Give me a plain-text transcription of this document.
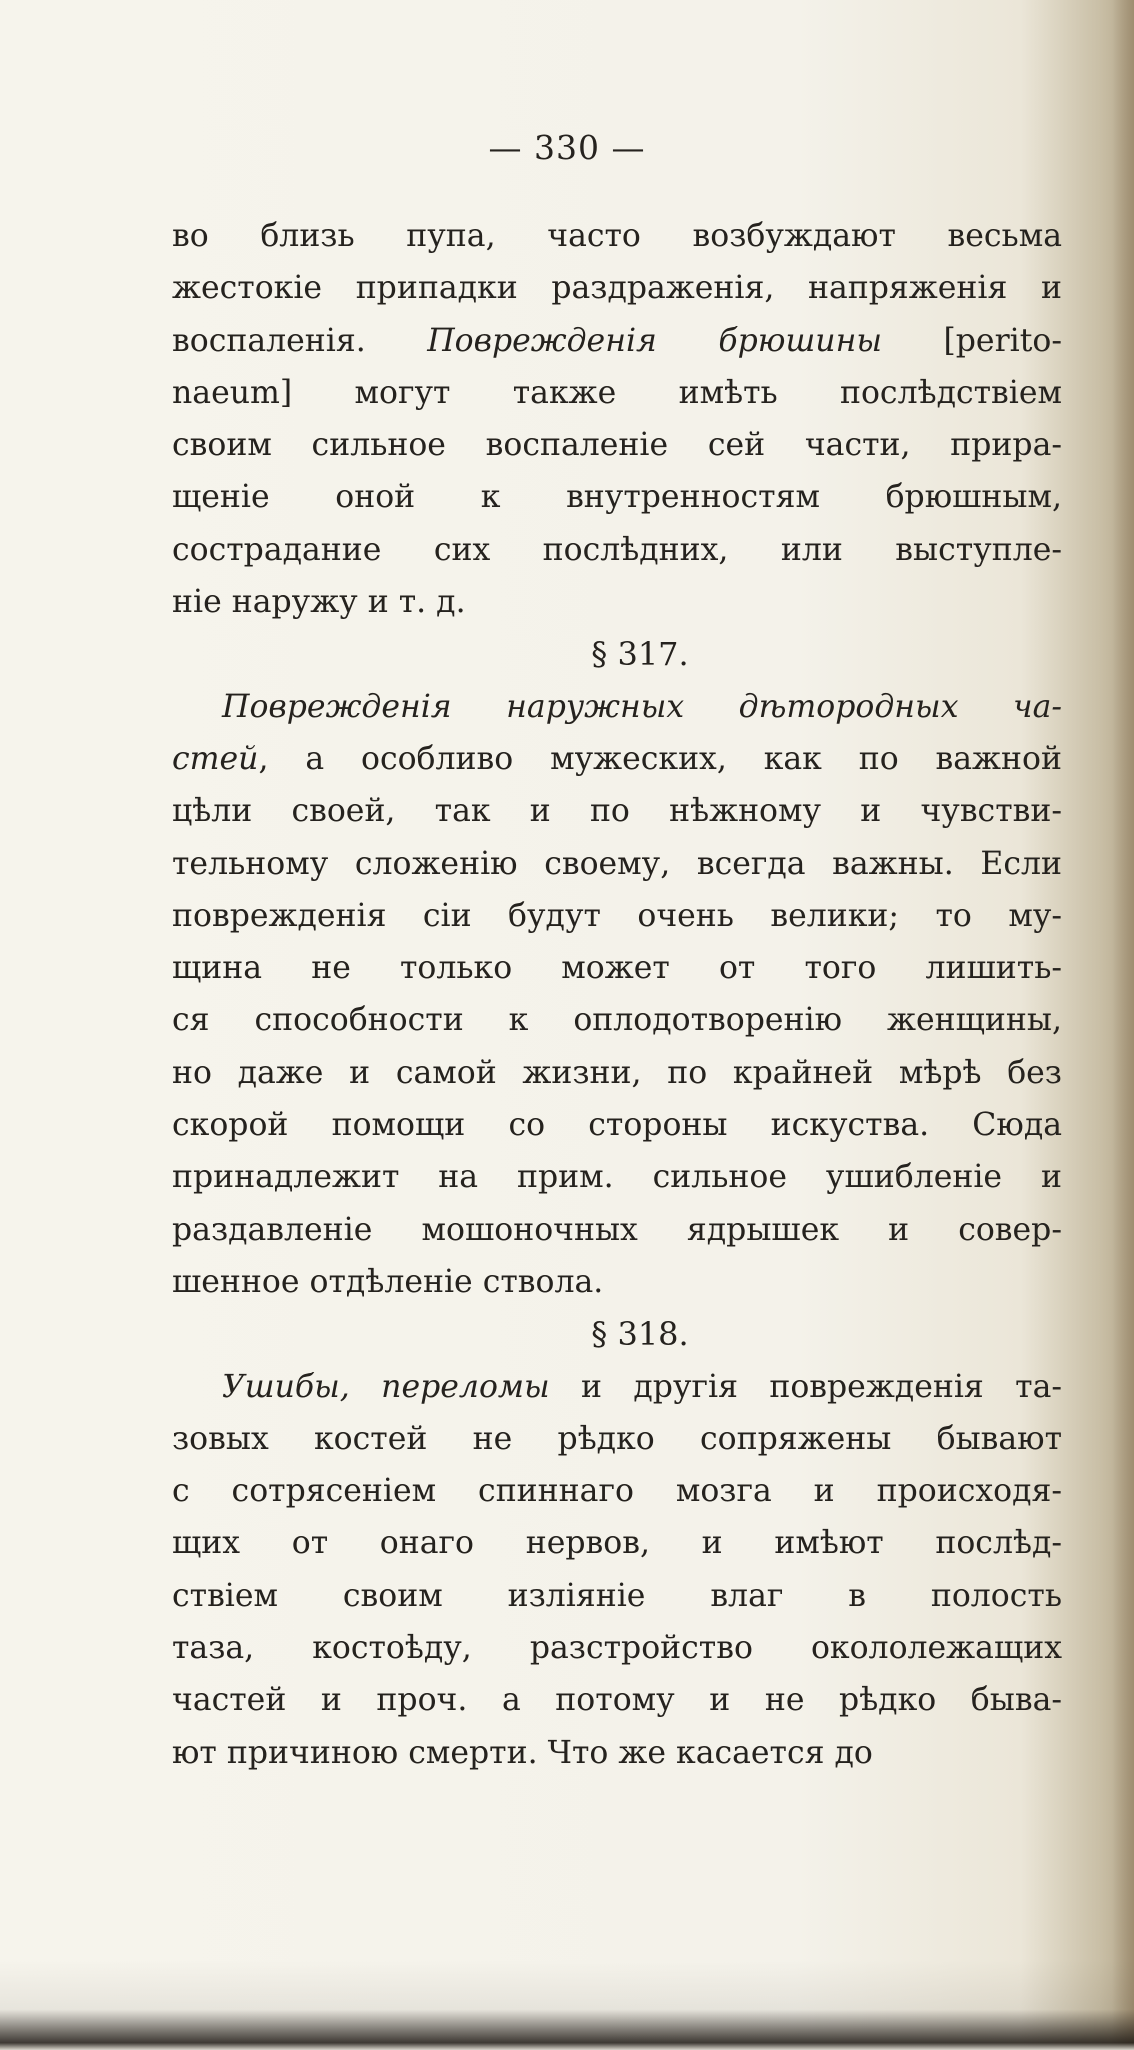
— 330 —
во близь пупа, часто возбуждают весьма
жестокіе припадки раздраженія, напряженія и
воспаленія. Поврежденія брюшины [perito-
naeum] могут также имѣть послѣдствіем
своим сильное воспаленіе сей части, прира-
щеніе оной к внутренностям брюшным,
сострадание сих послѣдних, или выступле-
ніе наружу и т. д.
§ 317.
Поврежденія наружных дѣтородных ча-
стей, а особливо мужеских, как по важной
цѣли своей, так и по нѣжному и чувстви-
тельному сложенію своему, всегда важны. Если
поврежденія сіи будут очень велики; то му-
щина не только может от того лишить-
ся способности к оплодотворенію женщины,
но даже и самой жизни, по крайней мѣрѣ без
скорой помощи со стороны искуства. Сюда
принадлежит на прим. сильное ушибленіе и
раздавленіе мошоночных ядрышек и совер-
шенное отдѣленіе ствола.
§ 318.
Ушибы, переломы и другія поврежденія та-
зовых костей не рѣдко сопряжены бывают
с сотрясеніем спиннаго мозга и происходя-
щих от онаго нервов, и имѣют послѣд-
ствіем своим изліяніе влаг в полость
таза, костоѣду, разстройство окололежащих
частей и проч. а потому и не рѣдко быва-
ют причиною смерти. Что же касается до
